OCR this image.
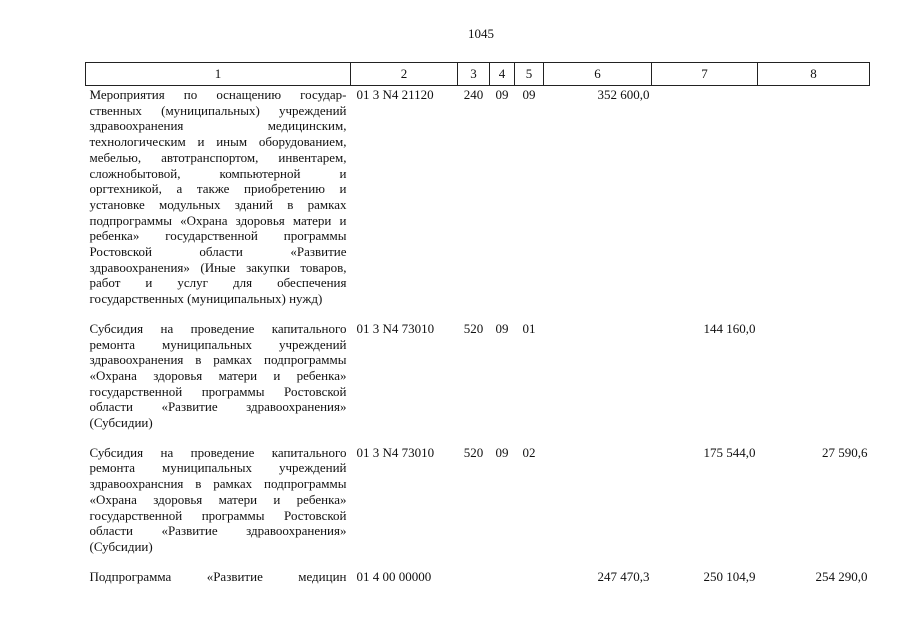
1045
1	2	3	4	5	6	7	8
Мероприятия по оснащению государственных (муниципальных) учреждений здравоохранения медицинским, технологическим и иным оборудованием, мебелью, автотранспортом, инвентарем, сложнобытовой, компьютерной и оргтехникой, а также приобретению и установке модульных зданий в рамках подпрограммы «Охрана здоровья матери и ребенка» государственной программы Ростовской области «Развитие здравоохранения» (Иные закупки товаров, работ и услуг для обеспечения государственных (муниципальных) нужд)	01 3 N4 21120	240	09	09	352 600,0		
Субсидия на проведение капитального ремонта муниципальных учреждений здравоохранения в рамках подпрограммы «Охрана здоровья матери и ребенка» государственной программы Ростовской области «Развитие здравоохранения» (Субсидии)	01 3 N4 73010	520	09	01		144 160,0	
Субсидия на проведение капитального ремонта муниципальных учреждений здравоохрансния в рамках подпрограммы «Охрана здоровья матери и ребенка» государственной программы Ростовской области «Развитие здравоохранения» (Субсидии)	01 3 N4 73010	520	09	02		175 544,0	27 590,6
Подпрограмма «Развитие медицин	01 4 00 00000				247 470,3	250 104,9	254 290,0
